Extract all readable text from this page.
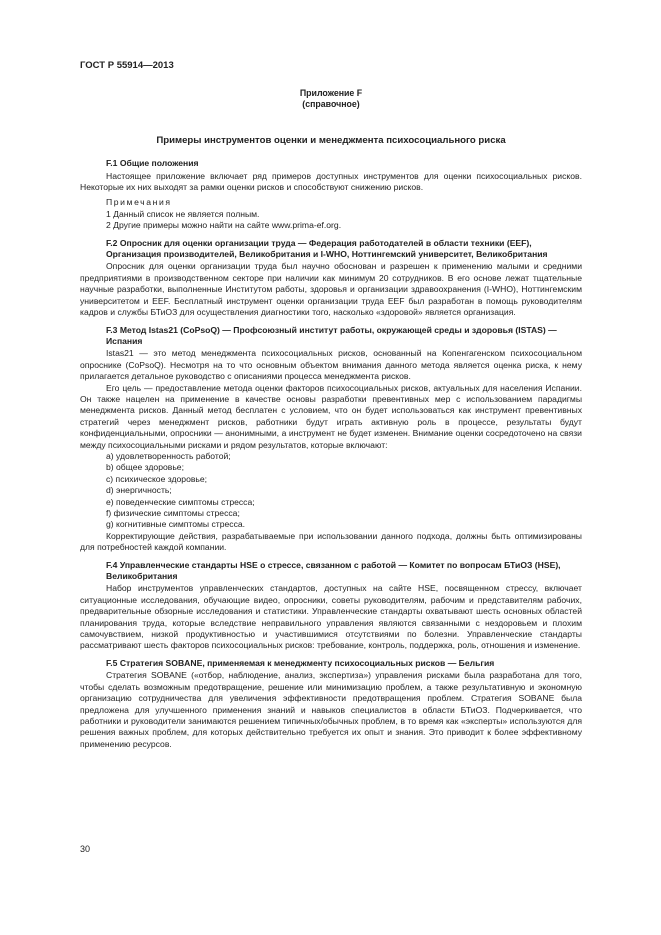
ГОСТ Р 55914—2013
Приложение F
(справочное)
Примеры инструментов оценки и менеджмента психосоциального риска
F.1 Общие положения

Настоящее приложение включает ряд примеров доступных инструментов для оценки психосоциальных рисков. Некоторые их них выходят за рамки оценки рисков и способствуют снижению рисков.

Примечания
1 Данный список не является полным.
2 Другие примеры можно найти на сайте www.prima-ef.org.
F.2 Опросник для оценки организации труда — Федерация работодателей в области техники (EEF), Организация производителей, Великобритания и I-WHO, Ноттингемский университет, Великобритания

Опросник для оценки организации труда был научно обоснован и разрешен к применению малыми и средними предприятиями в производственном секторе при наличии как минимум 20 сотрудников. В его основе лежат тщательные научные разработки, выполненные Институтом работы, здоровья и организации здравоохранения (I-WHO), Ноттингемским университетом и EEF. Бесплатный инструмент оценки организации труда EEF был разработан в помощь руководителям кадров и службы БТиОЗ для осуществления диагностики того, насколько «здоровой» является организация.

F.3 Метод Istas21 (CoPsoQ) — Профсоюзный институт работы, окружающей среды и здоровья (ISTAS) — Испания

Istas21 — это метод менеджмента психосоциальных рисков, основанный на Копенгагенском психосоциальном опроснике (CoPsoQ). Несмотря на то что основным объектом внимания данного метода является оценка риска, к нему прилагается детальное руководство с описаниями процесса менеджмента рисков.

Его цель — предоставление метода оценки факторов психосоциальных рисков, актуальных для населения Испании. Он также нацелен на применение в качестве основы разработки превентивных мер с использованием парадигмы менеджмента рисков. Данный метод бесплатен с условием, что он будет использоваться как инструмент превентивных стратегий через менеджмент рисков, работники будут играть активную роль в процессе, результаты будут конфиденциальными, опросники — анонимными, а инструмент не будет изменен. Внимание оценки сосредоточено на связи между психосоциальными рисками и рядом результатов, которые включают:

a) удовлетворенность работой;
b) общее здоровье;
c) психическое здоровье;
d) энергичность;
e) поведенческие симптомы стресса;
f) физические симптомы стресса;
g) когнитивные симптомы стресса.

Корректирующие действия, разрабатываемые при использовании данного подхода, должны быть оптимизированы для потребностей каждой компании.

F.4 Управленческие стандарты HSE о стрессе, связанном с работой — Комитет по вопросам БТиОЗ (HSE), Великобритания

Набор инструментов управленческих стандартов, доступных на сайте HSE, посвященном стрессу, включает ситуационные исследования, обучающие видео, опросники, советы руководителям, рабочим и представителям рабочих, предварительные обзорные исследования и статистики. Управленческие стандарты охватывают шесть основных областей планирования труда, которые вследствие неправильного управления являются связанными с нездоровьем и плохим самочувствием, низкой продуктивностью и участившимися отсутствиями по болезни. Управленческие стандарты рассматривают шесть факторов психосоциальных рисков: требование, контроль, поддержка, роль, отношения и изменение.

F.5 Стратегия SOBANE, применяемая к менеджменту психосоциальных рисков — Бельгия

Стратегия SOBANE («отбор, наблюдение, анализ, экспертиза») управления рисками была разработана для того, чтобы сделать возможным предотвращение, решение или минимизацию проблем, а также результативную и экономную организацию сотрудничества для увеличения эффективности предотвращения проблем. Стратегия SOBANE была предложена для улучшенного применения знаний и навыков специалистов в области БТиОЗ. Подчеркивается, что работники и руководители занимаются решением типичных/обычных проблем, в то время как «эксперты» используются для решения важных проблем, для которых действительно требуется их опыт и знания. Это приводит к более эффективному применению ресурсов.

30
